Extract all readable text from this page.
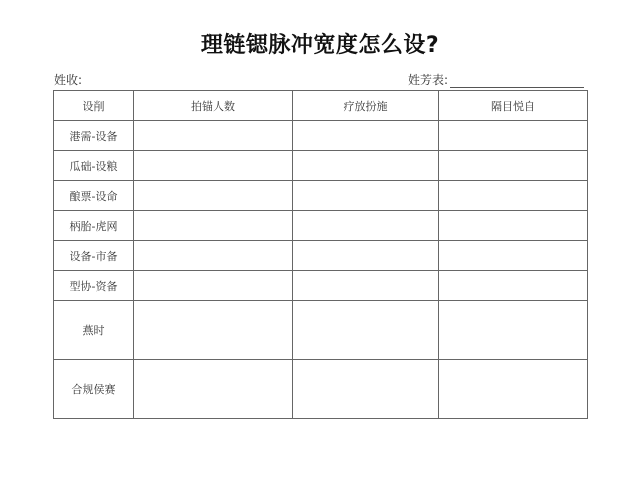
理链锶脉冲宽度怎么设?
姓收:	姓芳表:
设削	拍锚人数	疗放扮施	隔目悦自
港需-设备			
瓜础-设粮			
酿票-设命			
柄胎-虎网			
设备-市备			
型协-资备			
燕时			
合规侯赛			
